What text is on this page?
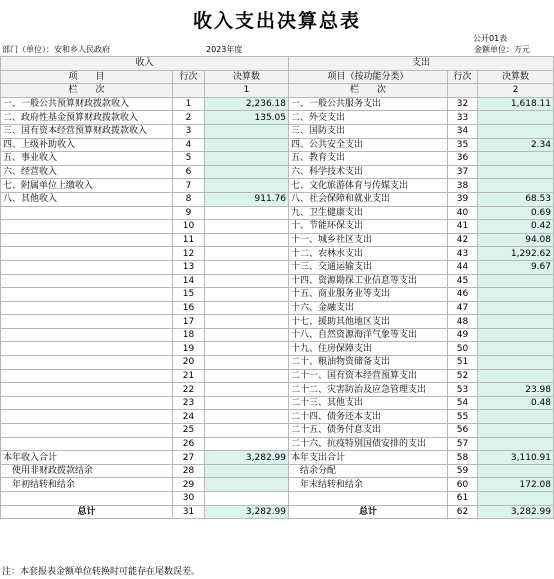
收入支出决算总表
公开01表
部门（单位）：安和乡人民政府	2023年度	金额单位：万元
收入			支出		
项　　目	行次	决算数	项目（按功能分类）	行次	决算数
栏　　次		1	栏　　次		2
一、一般公共预算财政拨款收入	1	2,236.18	一、一般公共服务支出	32	1,618.11
二、政府性基金预算财政拨款收入	2	135.05	二、外交支出	33	
三、国有资本经营预算财政拨款收入	3		三、国防支出	34	
四、上级补助收入	4		四、公共安全支出	35	2.34
五、事业收入	5		五、教育支出	36	
六、经营收入	6		六、科学技术支出	37	
七、附属单位上缴收入	7		七、文化旅游体育与传媒支出	38	
八、其他收入	8	911.76	八、社会保障和就业支出	39	68.53
	9		九、卫生健康支出	40	0.69
	10		十、节能环保支出	41	0.42
	11		十一、城乡社区支出	42	94.08
	12		十二、农林水支出	43	1,292.62
	13		十三、交通运输支出	44	9.67
	14		十四、资源勘探工业信息等支出	45	
	15		十五、商业服务业等支出	46	
	16		十六、金融支出	47	
	17		十七、援助其他地区支出	48	
	18		十八、自然资源海洋气象等支出	49	
	19		十九、住房保障支出	50	
	20		二十、粮油物资储备支出	51	
	21		二十一、国有资本经营预算支出	52	
	22		二十二、灾害防治及应急管理支出	53	23.98
	23		二十三、其他支出	54	0.48
	24		二十四、债务还本支出	55	
	25		二十五、债务付息支出	56	
	26		二十六、抗疫特别国债安排的支出	57	
本年收入合计	27	3,282.99	本年支出合计	58	3,110.91
　使用非财政拨款结余	28		　结余分配	59	
　年初结转和结余	29		　年末结转和结余	60	172.08
	30			61	
总计	31	3,282.99	总计	62	3,282.99
注：本套报表金额单位转换时可能存在尾数误差。
